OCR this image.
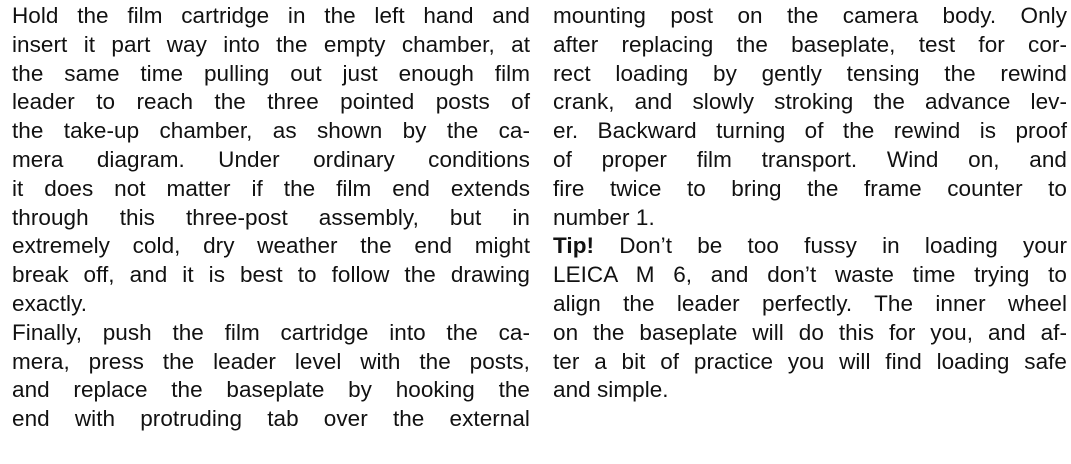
Hold the film cartridge in the left hand and
insert it part way into the empty chamber, at
the same time pulling out just enough film
leader to reach the three pointed posts of
the take-up chamber, as shown by the ca-
mera diagram. Under ordinary conditions
it does not matter if the film end extends
through this three-post assembly, but in
extremely cold, dry weather the end might
break off, and it is best to follow the drawing
exactly.
Finally, push the film cartridge into the ca-
mera, press the leader level with the posts,
and replace the baseplate by hooking the
end with protruding tab over the external
mounting post on the camera body. Only
after replacing the baseplate, test for cor-
rect loading by gently tensing the rewind
crank, and slowly stroking the advance lev-
er. Backward turning of the rewind is proof
of proper film transport. Wind on, and
fire twice to bring the frame counter to
number 1.
Tip! Don’t be too fussy in loading your
LEICA M 6, and don’t waste time trying to
align the leader perfectly. The inner wheel
on the baseplate will do this for you, and af-
ter a bit of practice you will find loading safe
and simple.
